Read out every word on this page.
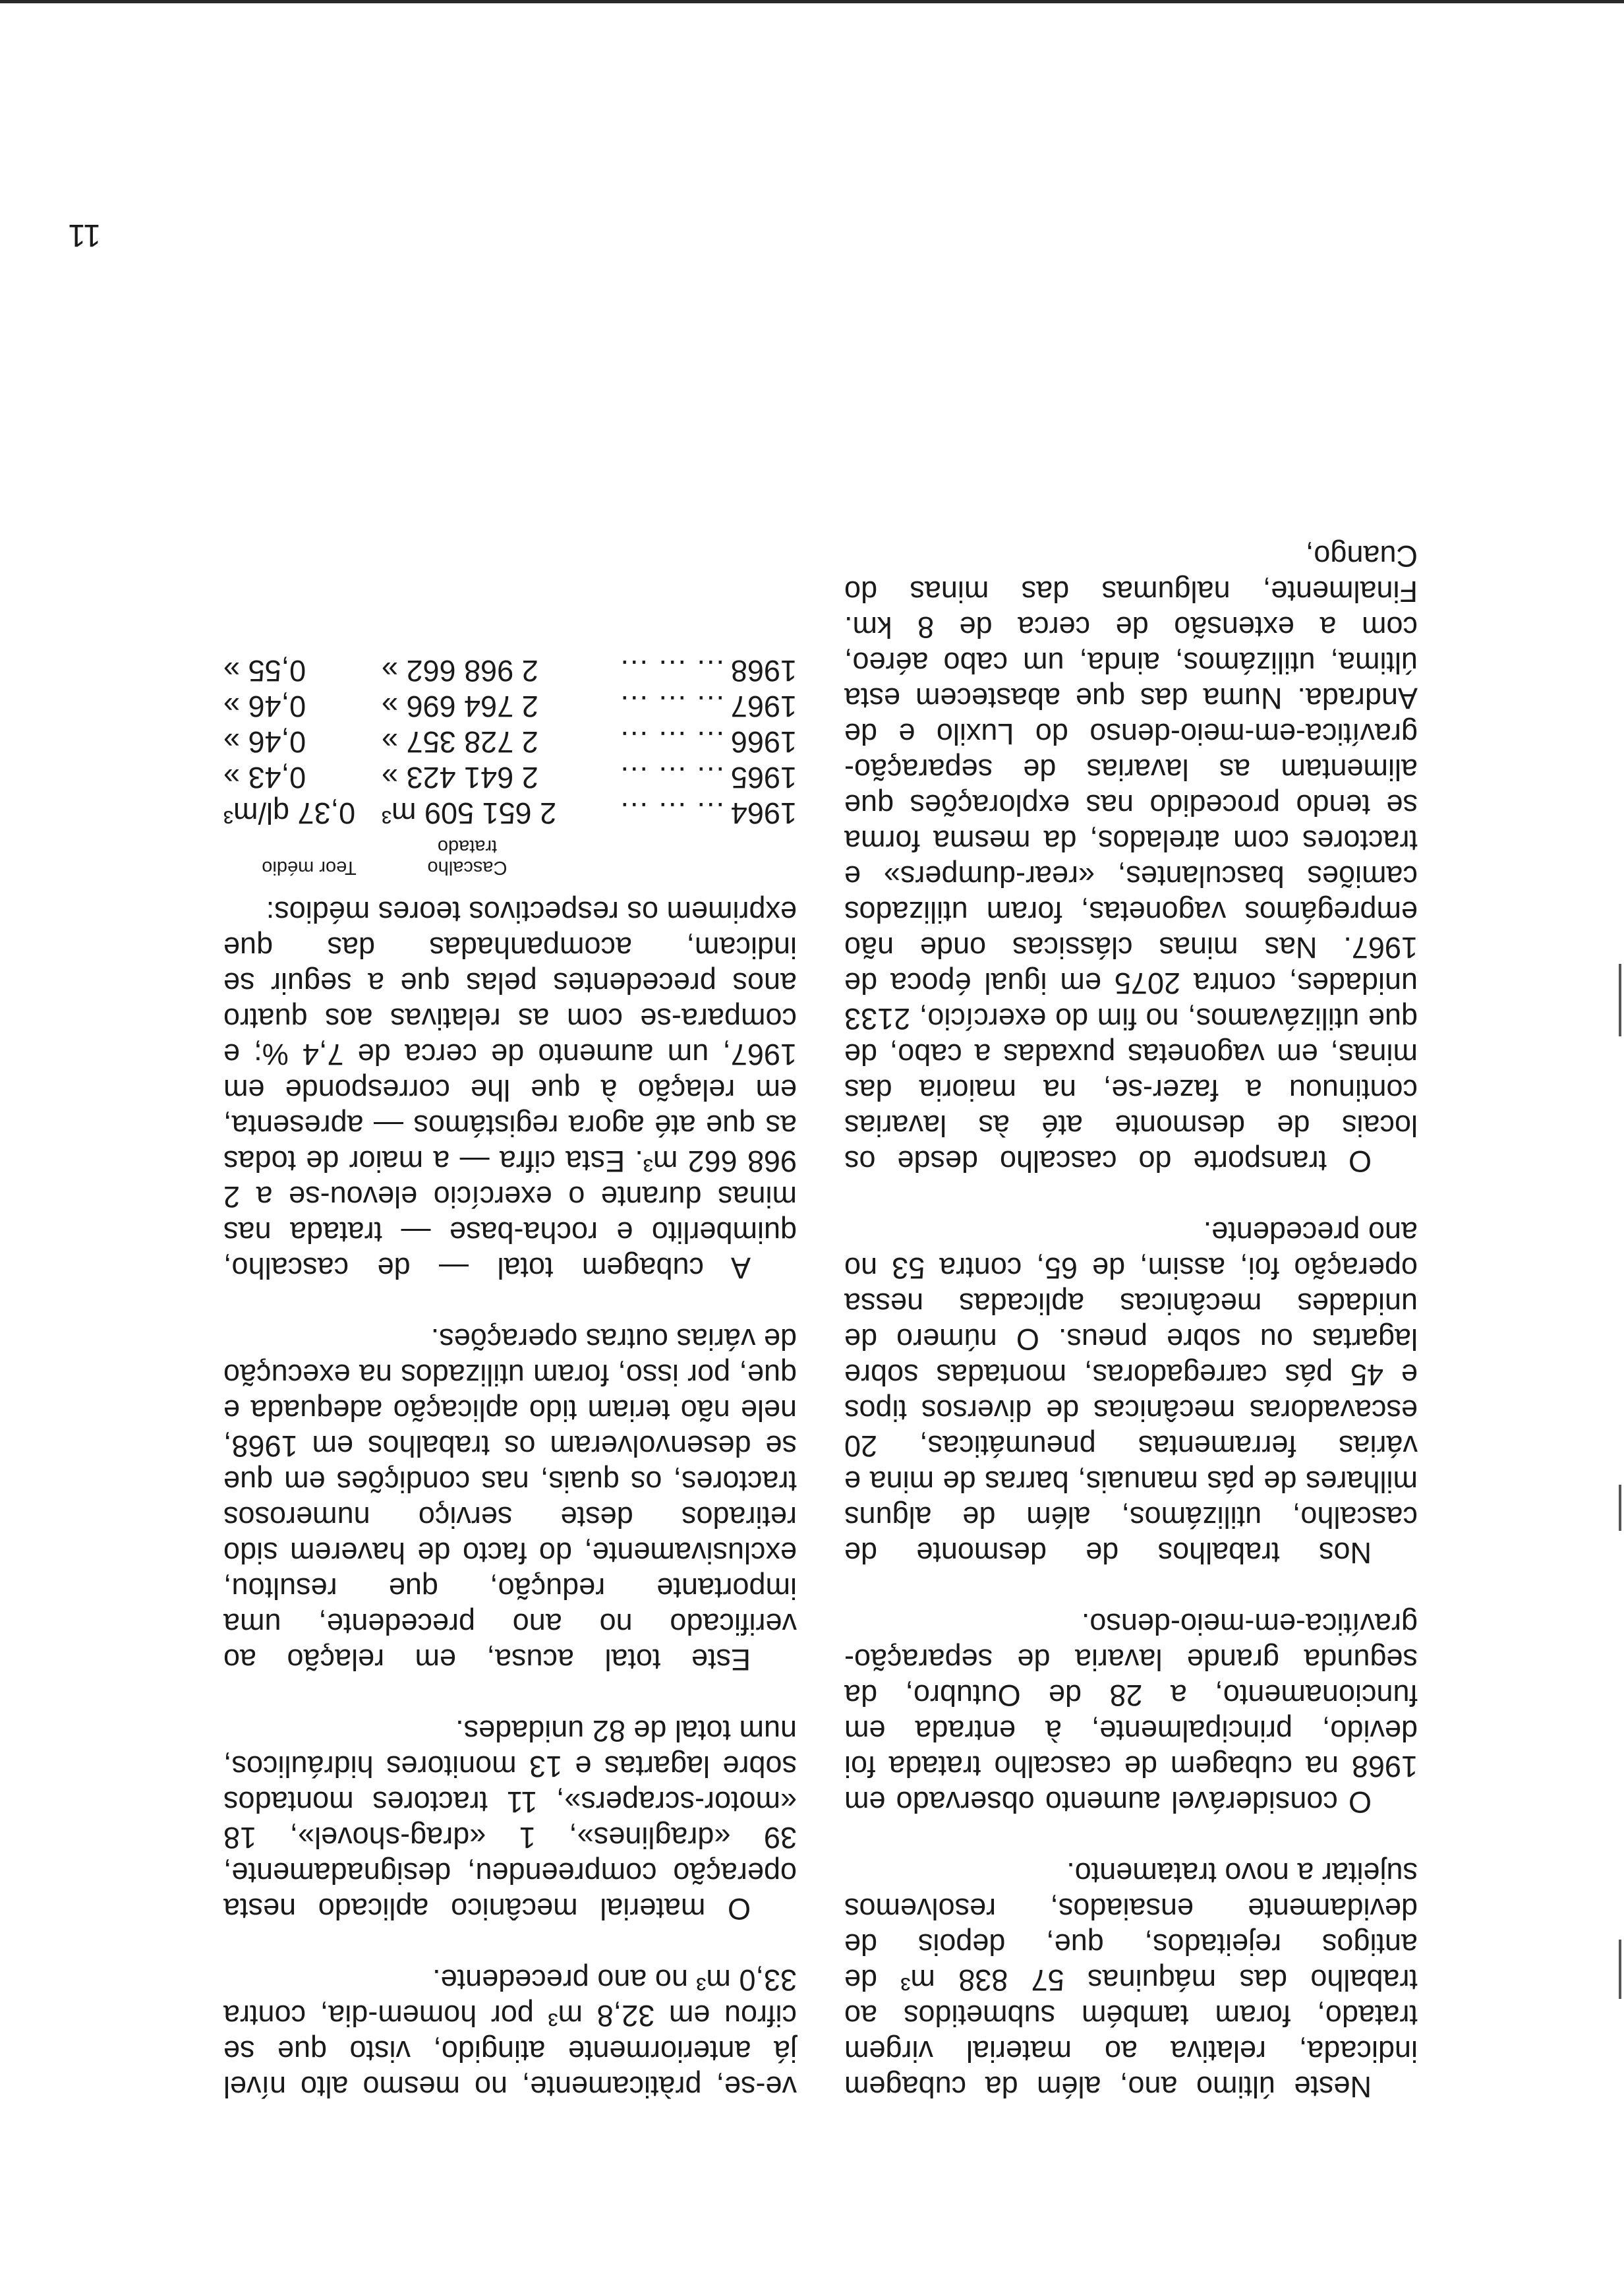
ve-se, pràticamente, no mesmo alto nível já anteriormente atingido, visto que se cifrou em 32,8 m³ por homem-dia, contra 33,0 m³ no ano precedente.

O material mecânico aplicado nesta operação compreendeu, designadamente, 39 «draglines», 1 «drag-shovel», 18 «motor-scrapers», 11 tractores montados sobre lagartas e 13 monitores hidráulicos, num total de 82 unidades.

Este total acusa, em relação ao verificado no ano precedente, uma importante redução, que resultou, exclusivamente, do facto de haverem sido retirados deste serviço numerosos tractores, os quais, nas condições em que se desenvolveram os trabalhos em 1968, nele não teriam tido aplicação adequada e que, por isso, foram utilizados na execução de várias outras operações.

A cubagem total — de cascalho, quimberlito e rocha-base — tratada nas minas durante o exercício elevou-se a 2 968 662 m³. Esta cifra — a maior de todas as que até agora registámos — apresenta, em relação à que lhe corresponde em 1967, um aumento de cerca de 7,4 %; e compara-se com as relativas aos quatro anos precedentes pelas que a seguir se indicam, acompanhadas das que exprimem os respectivos teores médios:

Cascalho tratado
Teor médio
1964
... ... ...
2 651 509 m³
0,37 ql/m³
1965
... ... ...
2 641 423 »
0,43 »
1966
... ... ...
2 728 357 »
0,46 »
1967
... ... ...
2 764 696 »
0,46 »
1968
... ... ...
2 968 662 »
0,55 »

Neste último ano, além da cubagem indicada, relativa ao material virgem tratado, foram também submetidos ao trabalho das máquinas 57 838 m³ de antigos rejeitados, que, depois de devidamente ensaiados, resolvemos sujeitar a novo tratamento.

O considerável aumento observado em 1968 na cubagem de cascalho tratada foi devido, principalmente, à entrada em funcionamento, a 28 de Outubro, da segunda grande lavaria de separação-gravítica-em-meio-denso.

Nos trabalhos de desmonte de cascalho, utilizámos, além de alguns milhares de pás manuais, barras de mina e várias ferramentas pneumáticas, 20 escavadoras mecânicas de diversos tipos e 45 pás carregadoras, montadas sobre lagartas ou sobre pneus. O número de unidades mecânicas aplicadas nessa operação foi, assim, de 65, contra 53 no ano precedente.

O transporte do cascalho desde os locais de desmonte até às lavarias continuou a fazer-se, na maioria das minas, em vagonetas puxadas a cabo, de que utilizávamos, no fim do exercício, 2133 unidades, contra 2075 em igual época de 1967. Nas minas clássicas onde não empregámos vagonetas, foram utilizados camiões basculantes, «rear-dumpers» e tractores com atrelados, da mesma forma se tendo procedido nas explorações que alimentam as lavarias de separação-gravítica-em-meio-denso do Luxilo e de Andrada. Numa das que abastecem esta última, utilizámos, ainda, um cabo aéreo, com a extensão de cerca de 8 km. Finalmente, nalgumas das minas do Cuango,

11
